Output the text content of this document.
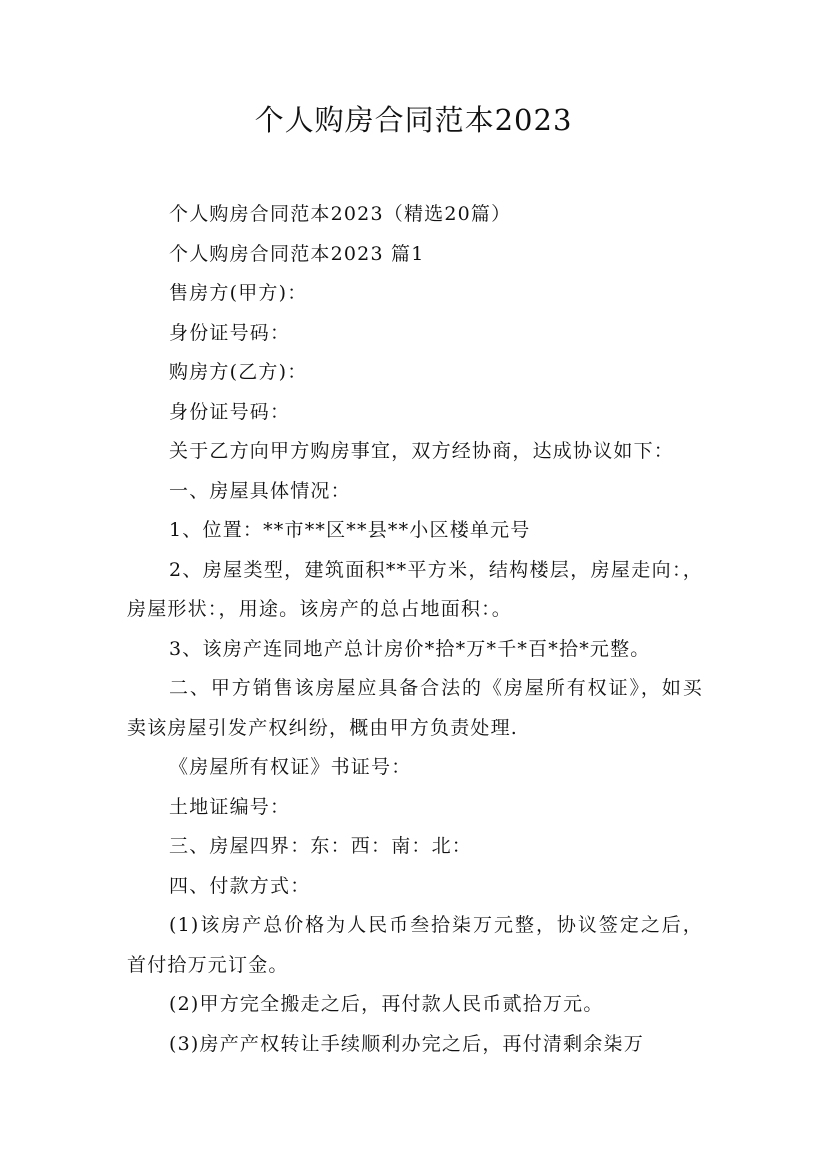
个人购房合同范本2023

个人购房合同范本2023（精选20篇）

个人购房合同范本2023 篇1

售房方(甲方)：

身份证号码：

购房方(乙方)：

身份证号码：

关于乙方向甲方购房事宜，双方经协商，达成协议如下：

一、房屋具体情况：

1、位置：**市**区**县**小区楼单元号

2、房屋类型，建筑面积**平方米，结构楼层，房屋走向：，房屋形状：，用途。该房产的总占地面积：。

3、该房产连同地产总计房价*拾*万*千*百*拾*元整。

二、甲方销售该房屋应具备合法的《房屋所有权证》，如买卖该房屋引发产权纠纷，概由甲方负责处理.

《房屋所有权证》书证号：

土地证编号：

三、房屋四界：东：西：南：北：

四、付款方式：

(1)该房产总价格为人民币叁拾柒万元整，协议签定之后，首付拾万元订金。

(2)甲方完全搬走之后，再付款人民币贰拾万元。

(3)房产产权转让手续顺利办完之后，再付清剩余柒万
